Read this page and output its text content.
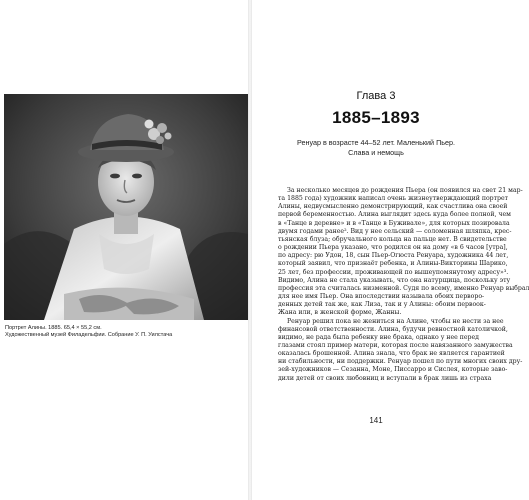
Портрет Алины. 1885. 65,4 × 55,2 см.
Художественный музей Филадельфии. Собрание У. П. Уилстача
Глава 3
1885–1893
Ренуар в возрасте 44–52 лет. Маленький Пьер.
Слава и немощь
За несколько месяцев до рождения Пьера (он появился на свет 21 мар-
та 1885 года) художник написал очень жизнеутверждающий портрет
Алины, недвусмысленно демонстрирующий, как счастлива она своей
первой беременностью. Алина выглядит здесь куда более полной, чем
в «Танце в деревне» и в «Танце в Буживале», для которых позировала
двумя годами ранее². Вид у нее сельский — соломенная шляпка, крес-
тьянская блуза; обручального кольца на пальце нет. В свидетельстве
о рождении Пьера указано, что родился он на дому «в 6 часов [утра],
по адресу: рю Удон, 18, сын Пьер-Огюста Ренуара, художника 44 лет,
который заявил, что признаёт ребенка, и Алины-Викторины Шарико,
25 лет, без профессии, проживающей по вышеупомянутому адресу»³.
Видимо, Алина не стала указывать, что она натурщица, поскольку эту
профессия эта считалась низменной. Судя по всему, именно Ренуар выбрал
для нее имя Пьер. Она впоследствии называла обоих перворо-
денных детей так же, как Лиза, так и у Алины: обоим первоок-
Жана или, в женской форме, Жанны.
Ренуар решил пока не жениться на Алине, чтобы не нести за нее
финансовой ответственности. Алина, будучи ревностной католичкой,
видимо, не рада была ребенку вне брака, однако у нее перед
глазами стоял пример матери, которая после навязанного замужества
оказалась брошенной. Алина знала, что брак не является гарантией
ни стабильности, ни поддержки. Ренуар пошел по пути многих своих дру-
зей-художников — Сезанна, Моне, Писсарро и Сислея, которые заво-
дили детей от своих любовниц и вступали в брак лишь из страха
141
